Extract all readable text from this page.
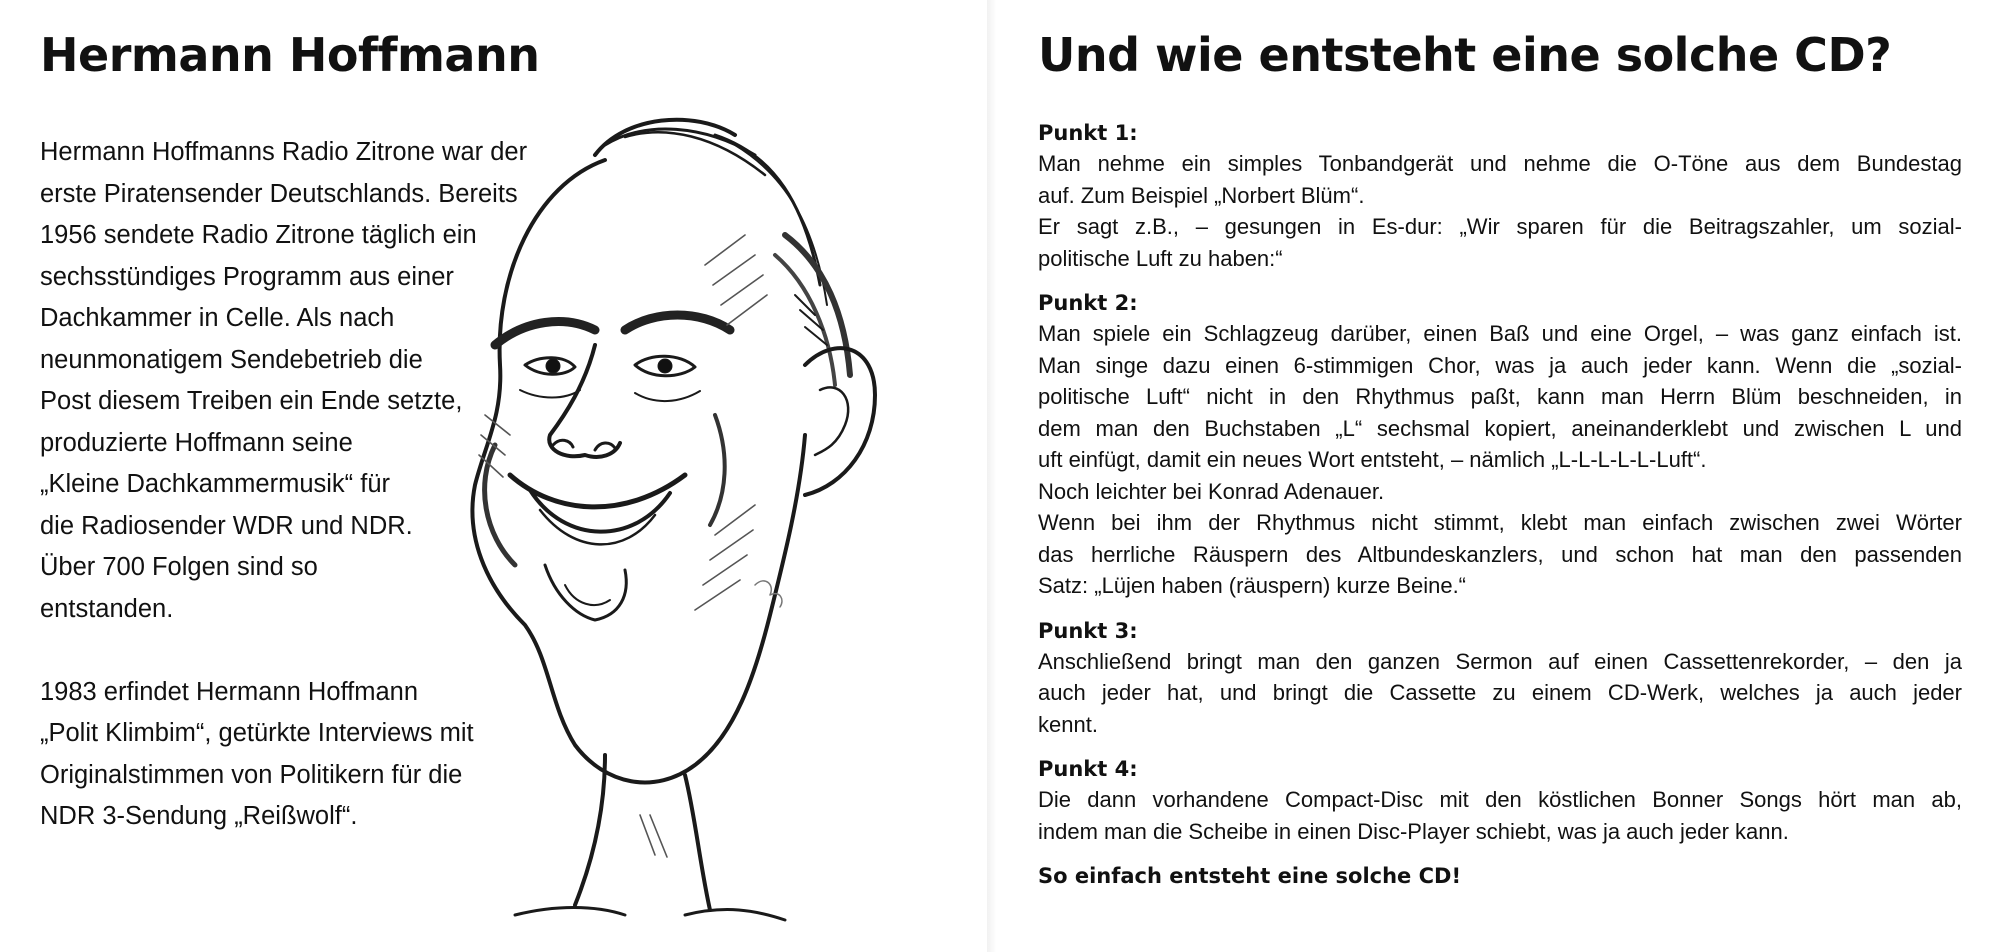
Hermann Hoffmann

Hermann Hoffmanns Radio Zitrone war der
erste Piratensender Deutschlands. Bereits
1956 sendete Radio Zitrone täglich ein
sechsstündiges Programm aus einer
Dachkammer in Celle. Als nach
neunmonatigem Sendebetrieb die
Post diesem Treiben ein Ende setzte,
produzierte Hoffmann seine
„Kleine Dachkammermusik“ für
die Radiosender WDR und NDR.
Über 700 Folgen sind so
entstanden.

1983 erfindet Hermann Hoffmann
„Polit Klimbim“, getürkte Interviews mit
Originalstimmen von Politikern für die
NDR 3-Sendung „Reißwolf“.

Und wie entsteht eine solche CD?
Punkt 1:
Man nehme ein simples Tonbandgerät und nehme die O-Töne aus dem Bundestag
auf. Zum Beispiel „Norbert Blüm“.
Er sagt z.B., – gesungen in Es-dur: „Wir sparen für die Beitragszahler, um sozial-
politische Luft zu haben:“
Punkt 2:
Man spiele ein Schlagzeug darüber, einen Baß und eine Orgel, – was ganz einfach ist.
Man singe dazu einen 6-stimmigen Chor, was ja auch jeder kann. Wenn die „sozial-
politische Luft“ nicht in den Rhythmus paßt, kann man Herrn Blüm beschneiden, in
dem man den Buchstaben „L“ sechsmal kopiert, aneinanderklebt und zwischen L und
uft einfügt, damit ein neues Wort entsteht, – nämlich „L-L-L-L-L-Luft“.
Noch leichter bei Konrad Adenauer.
Wenn bei ihm der Rhythmus nicht stimmt, klebt man einfach zwischen zwei Wörter
das herrliche Räuspern des Altbundeskanzlers, und schon hat man den passenden
Satz: „Lüjen haben (räuspern) kurze Beine.“
Punkt 3:
Anschließend bringt man den ganzen Sermon auf einen Cassettenrekorder, – den ja
auch jeder hat, und bringt die Cassette zu einem CD-Werk, welches ja auch jeder
kennt.
Punkt 4:
Die dann vorhandene Compact-Disc mit den köstlichen Bonner Songs hört man ab,
indem man die Scheibe in einen Disc-Player schiebt, was ja auch jeder kann.
So einfach entsteht eine solche CD!
